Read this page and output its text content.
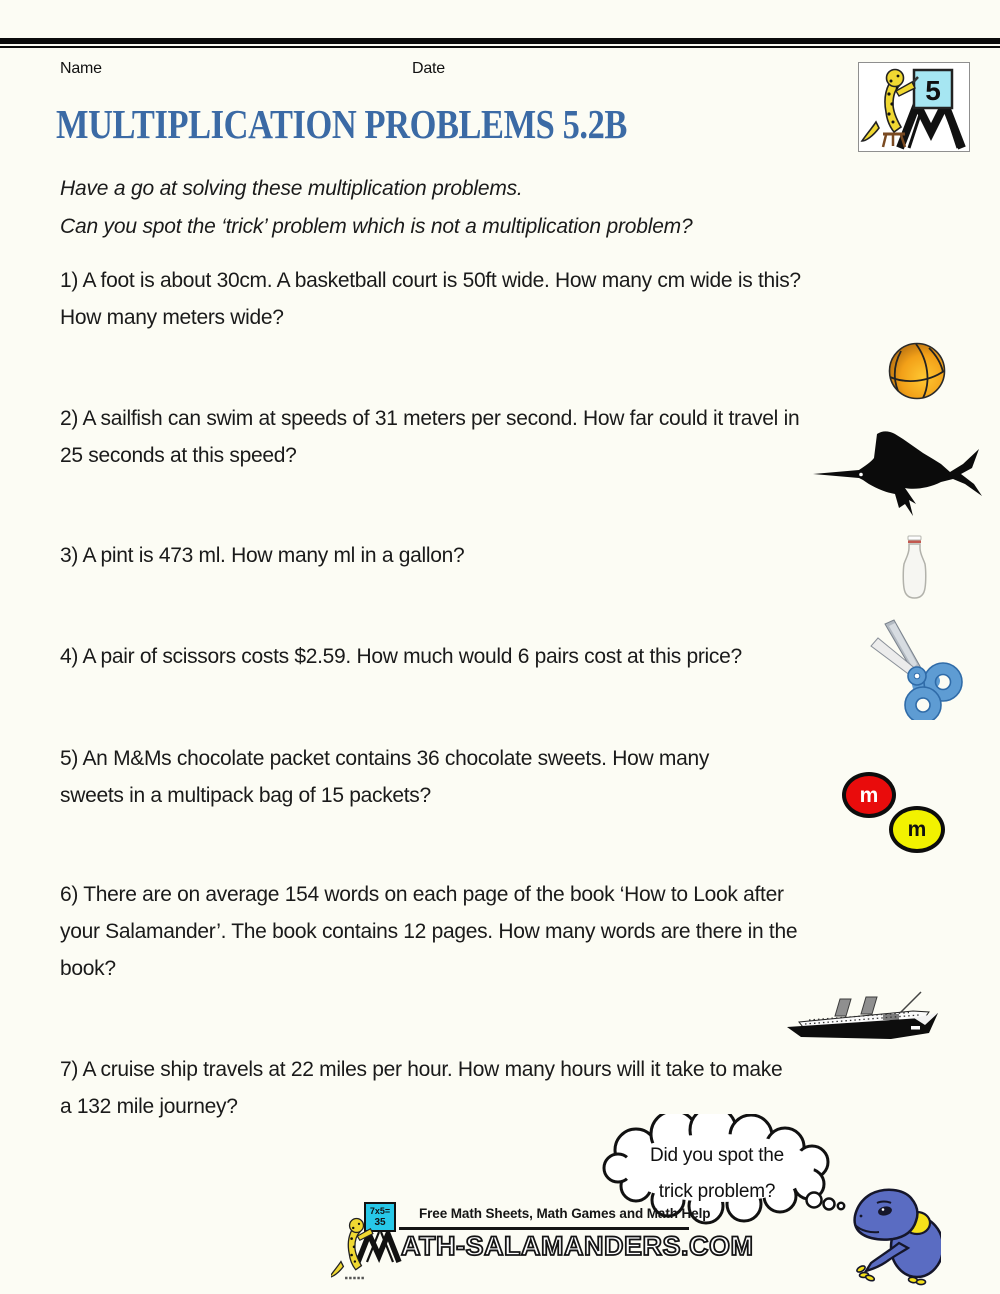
Name	Date
5
MULTIPLICATION PROBLEMS 5.2B
Have a go at solving these multiplication problems.
Can you spot the ‘trick’ problem which is not a multiplication problem?
1) A foot is about 30cm. A basketball court is 50ft wide. How many cm wide is this?
How many meters wide?
2) A sailfish can swim at speeds of 31 meters per second. How far could it travel in
25 seconds at this speed?
3) A pint is 473 ml. How many ml in a gallon?
4) A pair of scissors costs $2.59. How much would 6 pairs cost at this price?
5) An M&Ms chocolate packet contains 36 chocolate sweets. How many
sweets in a multipack bag of 15 packets?
6) There are on average 154 words on each page of the book ‘How to Look after
your Salamander’. The book contains 12 pages. How many words are there in the
book?
7) A cruise ship travels at 22 miles per hour. How many hours will it take to make
a 132 mile journey?
m
m
Did you spot the
trick problem?
7x5=
35
Free Math Sheets, Math Games and Math Help
ATH-SALAMANDERS.COM
